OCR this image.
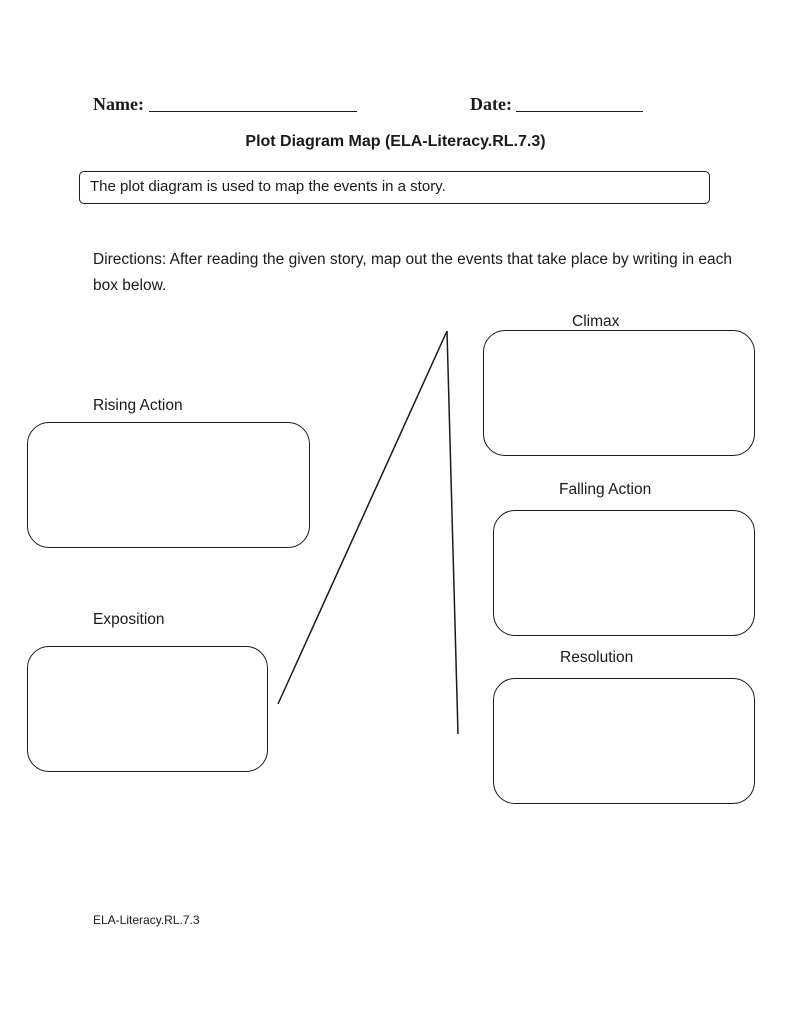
Name:	Date:
Plot Diagram Map (ELA-Literacy.RL.7.3)
The plot diagram is used to map the events in a story.
Directions: After reading the given story, map out the events that take place by writing in each box below.
Climax
Rising Action
Falling Action
Exposition
Resolution
ELA-Literacy.RL.7.3
